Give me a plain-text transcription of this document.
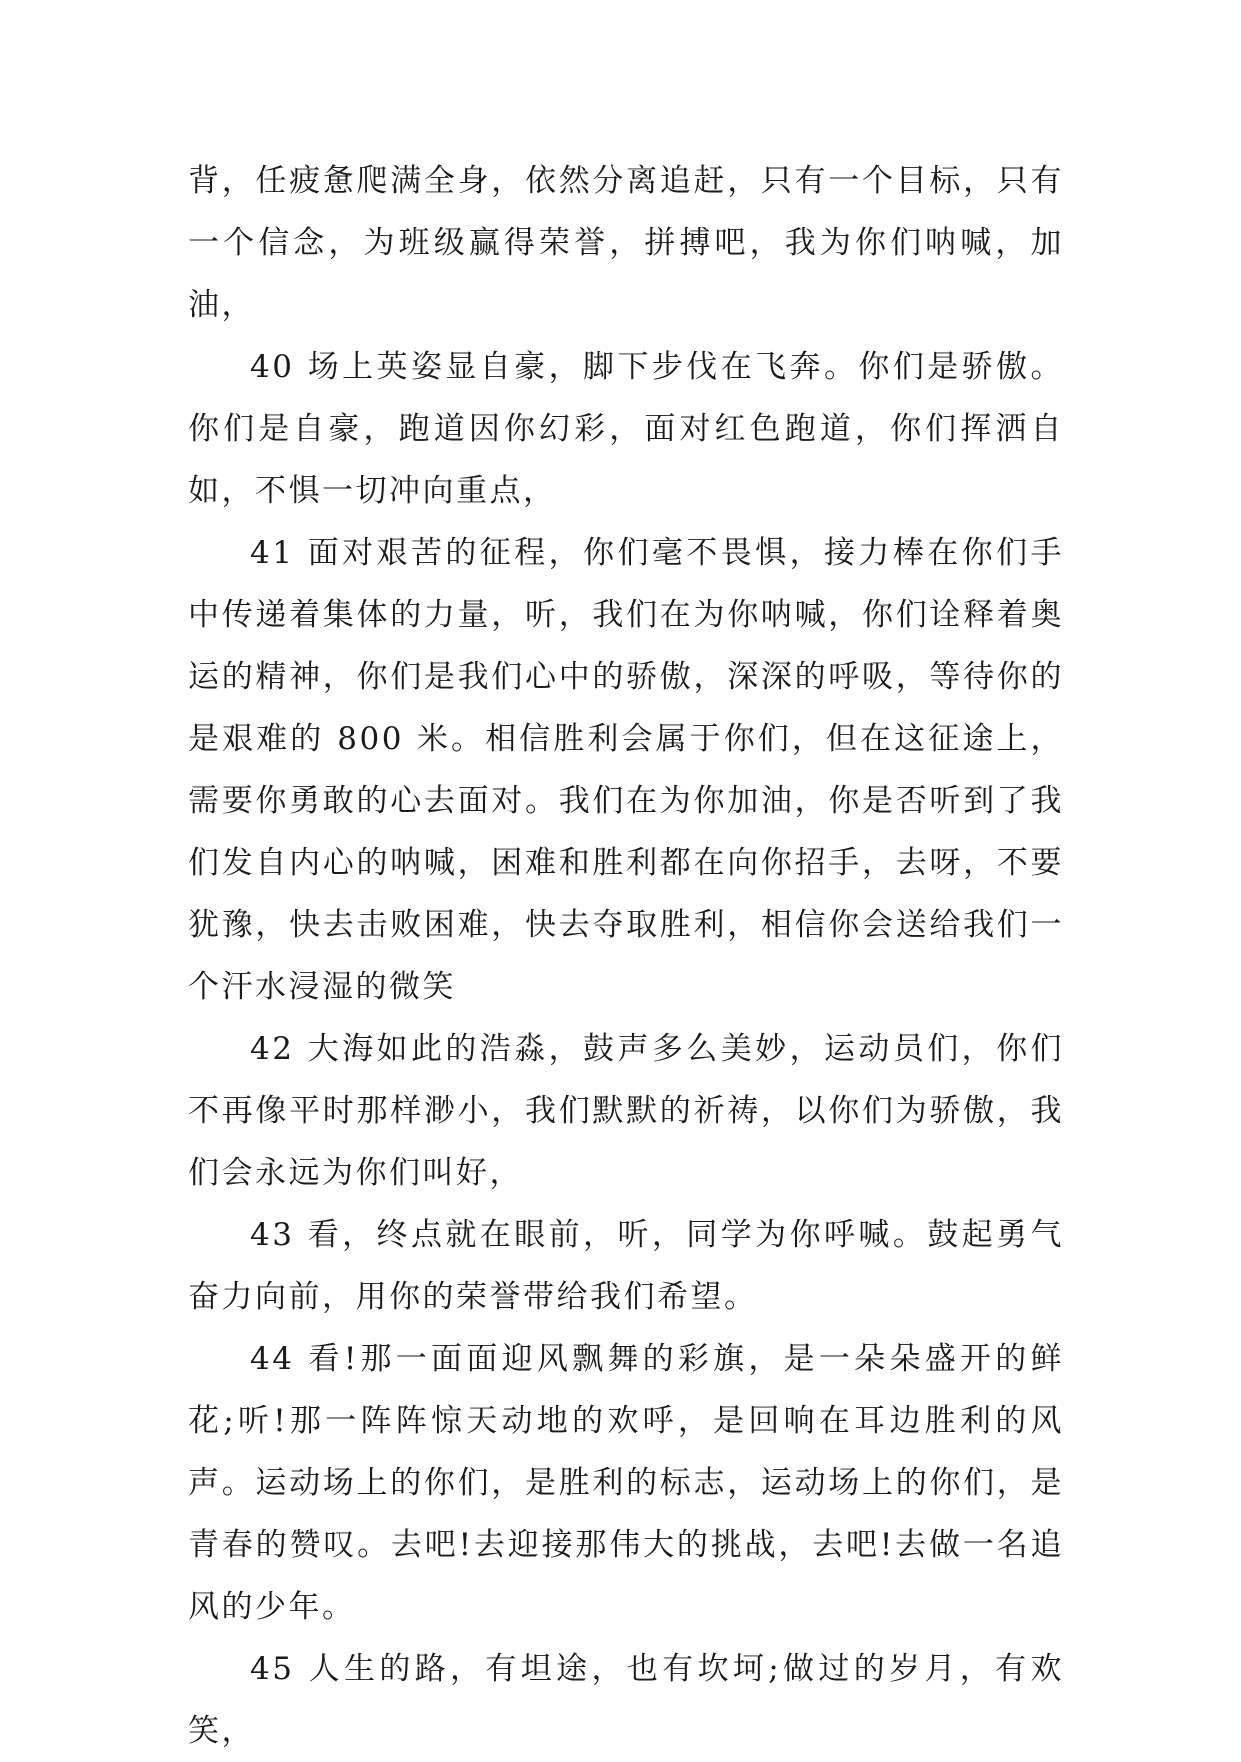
背，任疲惫爬满全身，依然分离追赶，只有一个目标，只有一个信念，为班级赢得荣誉，拼搏吧，我为你们呐喊，加油，

40 场上英姿显自豪，脚下步伐在飞奔。你们是骄傲。你们是自豪，跑道因你幻彩，面对红色跑道，你们挥洒自如，不惧一切冲向重点，

41 面对艰苦的征程，你们毫不畏惧，接力棒在你们手中传递着集体的力量，听，我们在为你呐喊，你们诠释着奥运的精神，你们是我们心中的骄傲，深深的呼吸，等待你的是艰难的 800 米。相信胜利会属于你们，但在这征途上，需要你勇敢的心去面对。我们在为你加油，你是否听到了我们发自内心的呐喊，困难和胜利都在向你招手，去呀，不要犹豫，快去击败困难，快去夺取胜利，相信你会送给我们一个汗水浸湿的微笑

42 大海如此的浩淼，鼓声多么美妙，运动员们，你们不再像平时那样渺小，我们默默的祈祷，以你们为骄傲，我们会永远为你们叫好，

43 看，终点就在眼前，听，同学为你呼喊。鼓起勇气奋力向前，用你的荣誉带给我们希望。

44 看!那一面面迎风飘舞的彩旗，是一朵朵盛开的鲜花;听!那一阵阵惊天动地的欢呼，是回响在耳边胜利的风声。运动场上的你们，是胜利的标志，运动场上的你们，是青春的赞叹。去吧!去迎接那伟大的挑战，去吧!去做一名追风的少年。

45 人生的路，有坦途，也有坎坷;做过的岁月，有欢笑，
